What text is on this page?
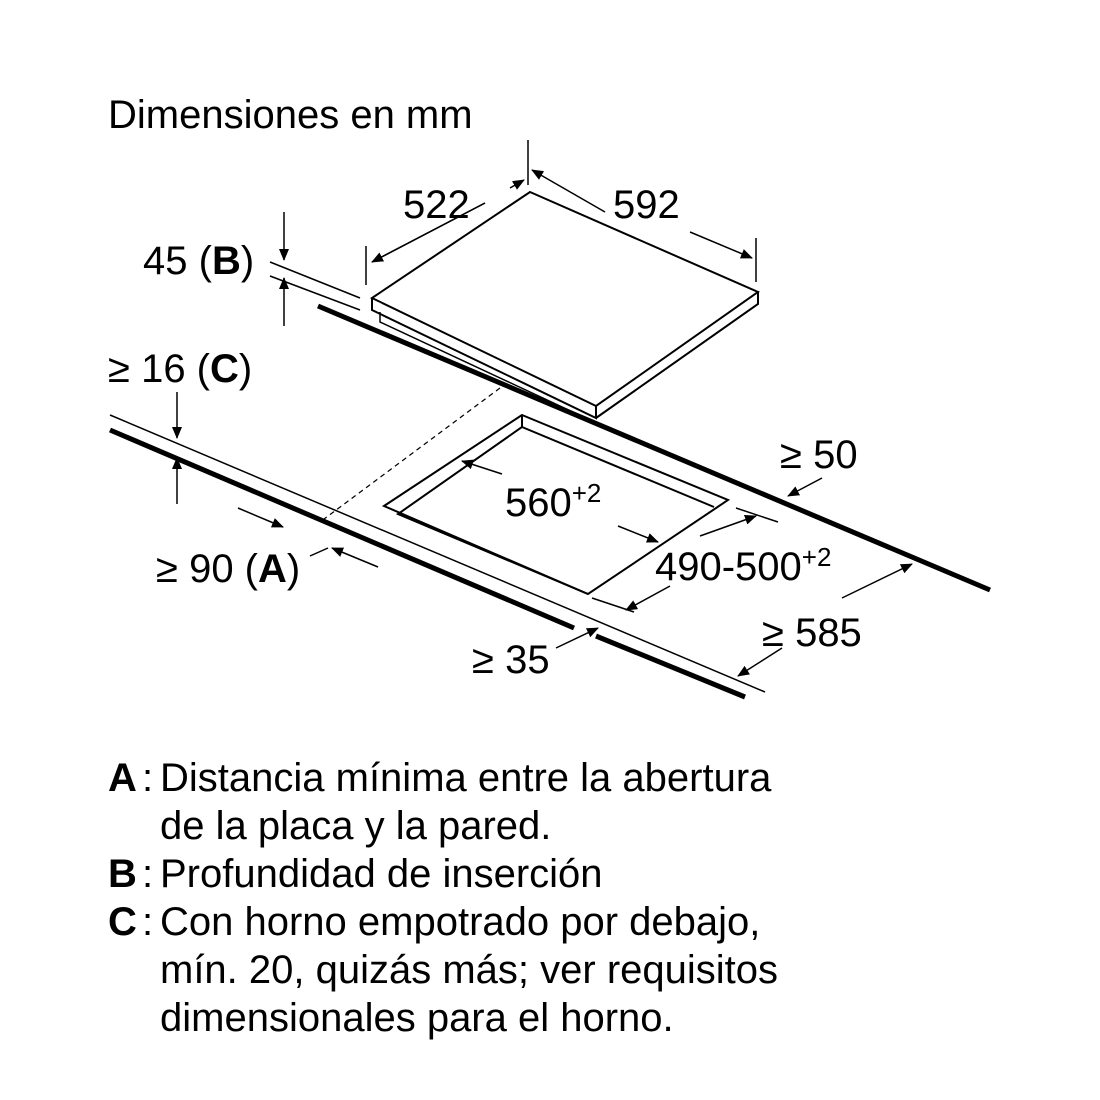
Dimensiones en mm
522	592
45 (B)
≥ 16 (C)
≥ 90 (A)
560+2
490-500+2
≥ 50
≥ 585
≥ 35
A : Distancia mínima entre la abertura
de la placa y la pared.
B : Profundidad de inserción
C : Con horno empotrado por debajo,
mín. 20, quizás más; ver requisitos
dimensionales para el horno.
